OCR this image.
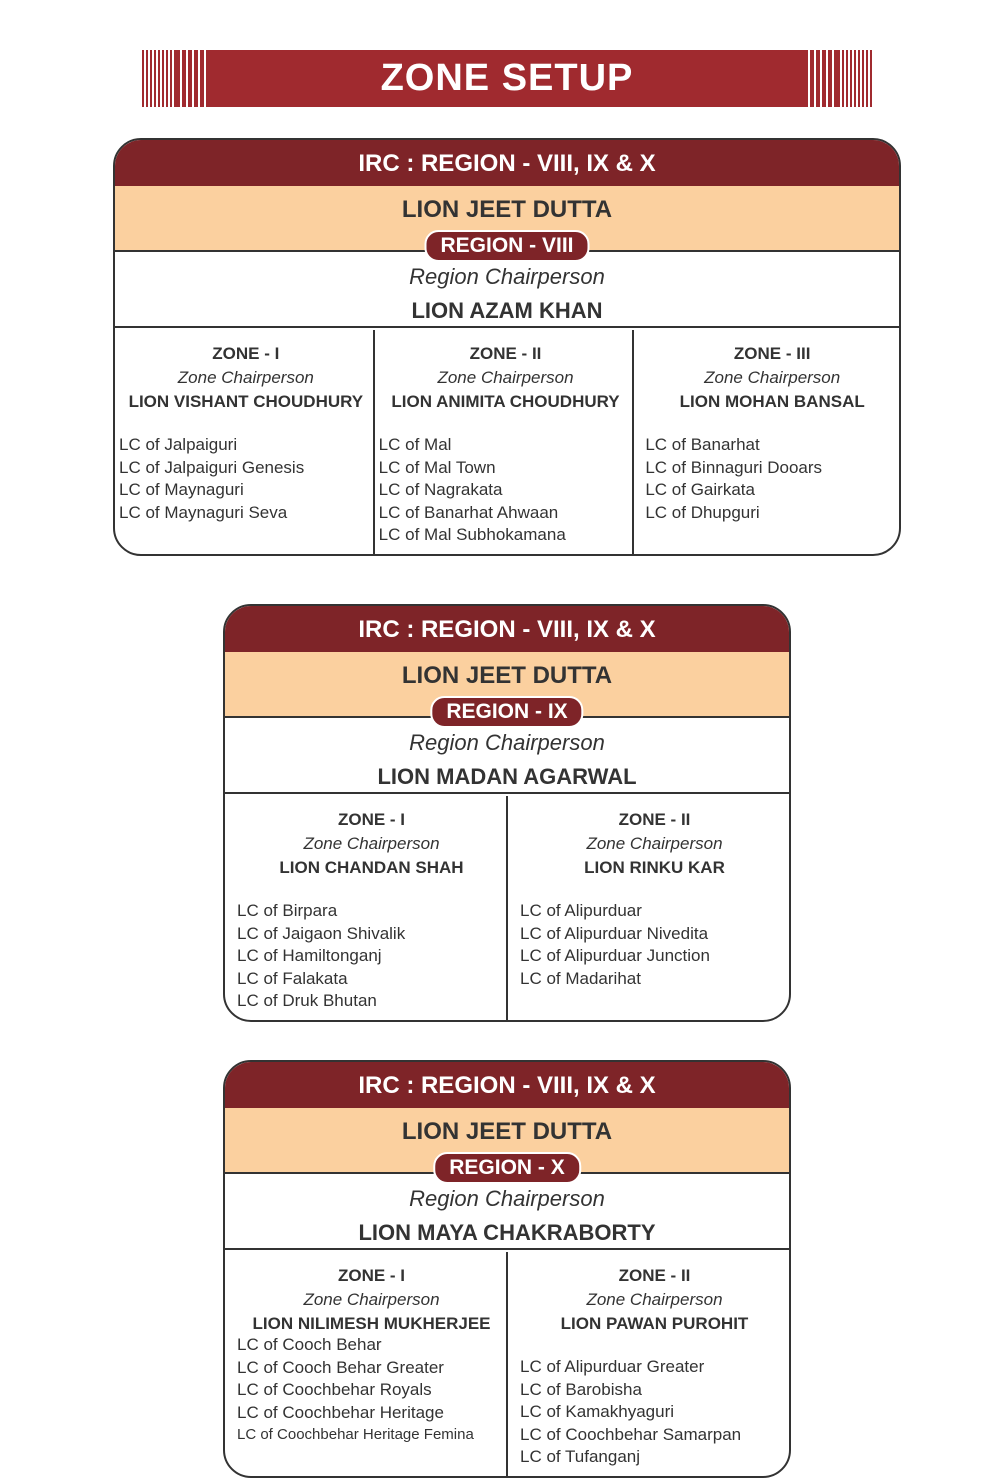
ZONE SETUP
IRC : REGION - VIII, IX & X
LION JEET DUTTA
REGION - VIII
Region Chairperson
LION AZAM KHAN
ZONE - I
Zone Chairperson
LION VISHANT CHOUDHURY
LC of Jalpaiguri
LC of Jalpaiguri Genesis
LC of Maynaguri
LC of Maynaguri Seva
ZONE - II
Zone Chairperson
LION ANIMITA CHOUDHURY
LC of Mal
LC of Mal Town
LC of Nagrakata
LC of Banarhat Ahwaan
LC of Mal Subhokamana
ZONE - III
Zone Chairperson
LION MOHAN BANSAL
LC of Banarhat
LC of Binnaguri Dooars
LC of Gairkata
LC of Dhupguri
IRC : REGION - VIII, IX & X
LION JEET DUTTA
REGION - IX
Region Chairperson
LION MADAN AGARWAL
ZONE - I
Zone Chairperson
LION CHANDAN SHAH
LC of Birpara
LC of Jaigaon Shivalik
LC of Hamiltonganj
LC of Falakata
LC of Druk Bhutan
ZONE - II
Zone Chairperson
LION RINKU KAR
LC of Alipurduar
LC of Alipurduar Nivedita
LC of Alipurduar Junction
LC of Madarihat
IRC : REGION - VIII, IX & X
LION JEET DUTTA
REGION - X
Region Chairperson
LION MAYA CHAKRABORTY
ZONE - I
Zone Chairperson
LION NILIMESH MUKHERJEE
LC of Cooch Behar
LC of Cooch Behar Greater
LC of Coochbehar Royals
LC of Coochbehar Heritage
LC of Coochbehar Heritage Femina
ZONE - II
Zone Chairperson
LION PAWAN PUROHIT
LC of Alipurduar Greater
LC of Barobisha
LC of Kamakhyaguri
LC of Coochbehar Samarpan
LC of Tufanganj
